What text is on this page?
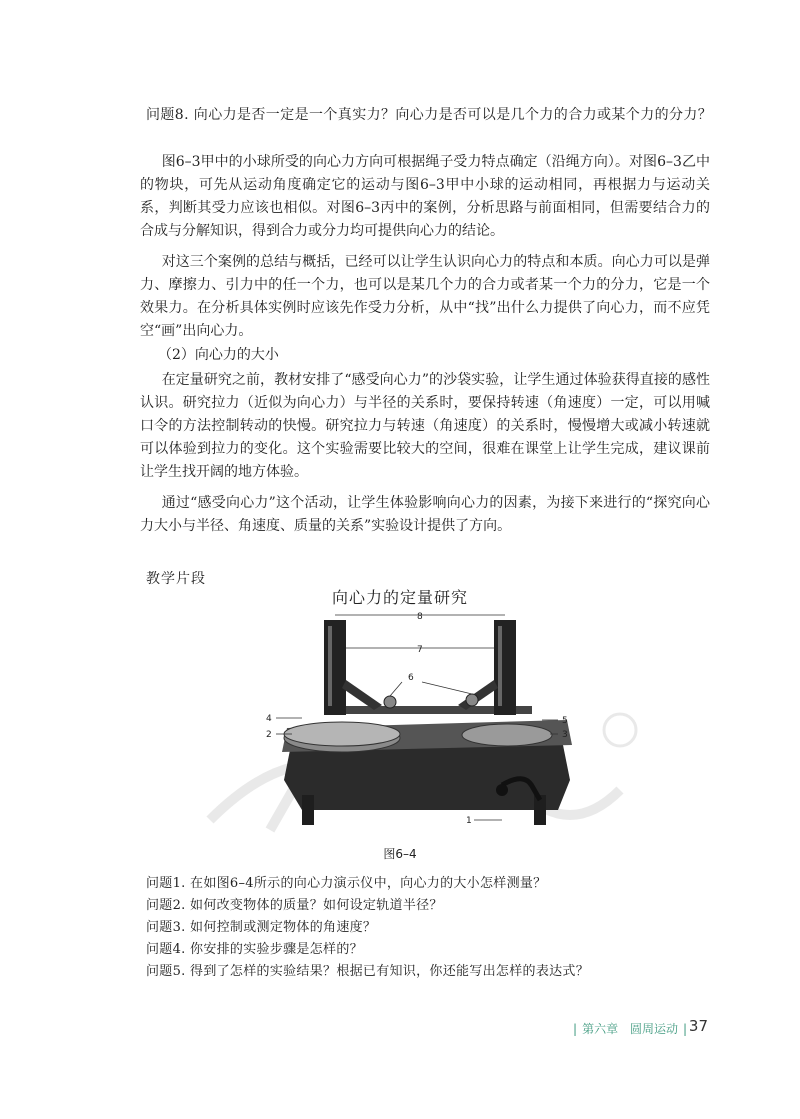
问题8. 向心力是否一定是一个真实力？向心力是否可以是几个力的合力或某个力的分力？
图6–3甲中的小球所受的向心力方向可根据绳子受力特点确定（沿绳方向）。对图6–3乙中的物块，可先从运动角度确定它的运动与图6–3甲中小球的运动相同，再根据力与运动关系，判断其受力应该也相似。对图6–3丙中的案例，分析思路与前面相同，但需要结合力的合成与分解知识，得到合力或分力均可提供向心力的结论。
对这三个案例的总结与概括，已经可以让学生认识向心力的特点和本质。向心力可以是弹力、摩擦力、引力中的任一个力，也可以是某几个力的合力或者某一个力的分力，它是一个效果力。在分析具体实例时应该先作受力分析，从中“找”出什么力提供了向心力，而不应凭空“画”出向心力。
（2）向心力的大小
在定量研究之前，教材安排了“感受向心力”的沙袋实验，让学生通过体验获得直接的感性认识。研究拉力（近似为向心力）与半径的关系时，要保持转速（角速度）一定，可以用喊口令的方法控制转动的快慢。研究拉力与转速（角速度）的关系时，慢慢增大或减小转速就可以体验到拉力的变化。这个实验需要比较大的空间，很难在课堂上让学生完成，建议课前让学生找开阔的地方体验。
通过“感受向心力”这个活动，让学生体验影响向心力的因素，为接下来进行的“探究向心力大小与半径、角速度、质量的关系”实验设计提供了方向。
教学片段
向心力的定量研究
8
7
6
4
2
5
3
1
图6–4
问题1. 在如图6–4所示的向心力演示仪中，向心力的大小怎样测量？
问题2. 如何改变物体的质量？如何设定轨道半径？
问题3. 如何控制或测定物体的角速度？
问题4. 你安排的实验步骤是怎样的？
问题5. 得到了怎样的实验结果？根据已有知识，你还能写出怎样的表达式？
| 第六章 圆周运动 | 37
